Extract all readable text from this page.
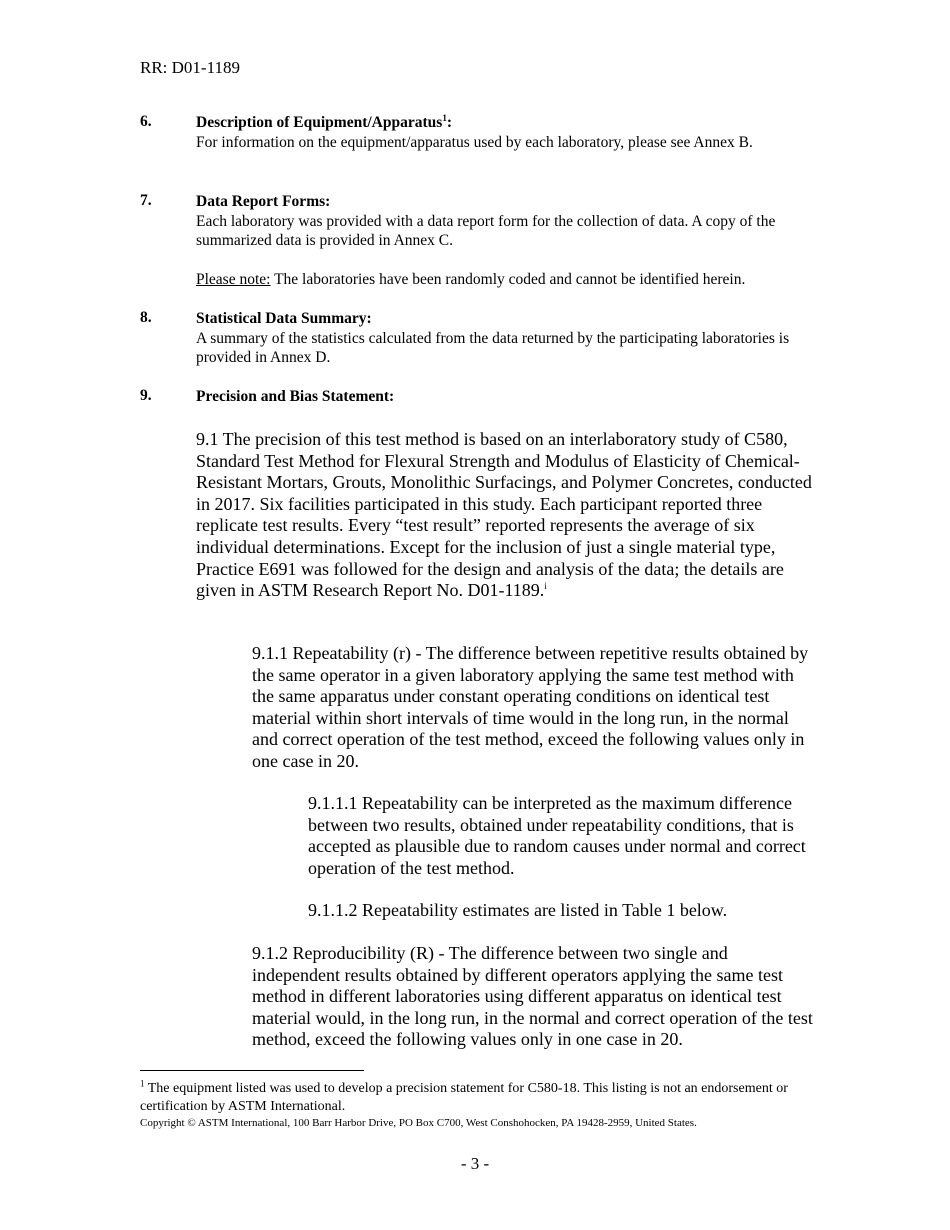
RR: D01-1189
6.	Description of Equipment/Apparatus$^1$:
For information on the equipment/apparatus used by each laboratory, please see Annex B.
7.	Data Report Forms:
Each laboratory was provided with a data report form for the collection of data. A copy of the summarized data is provided in Annex C.
Please note: The laboratories have been randomly coded and cannot be identified herein.
8.	Statistical Data Summary:
A summary of the statistics calculated from the data returned by the participating laboratories is provided in Annex D.
9.	Precision and Bias Statement:
9.1 The precision of this test method is based on an interlaboratory study of C580, Standard Test Method for Flexural Strength and Modulus of Elasticity of Chemical-Resistant Mortars, Grouts, Monolithic Surfacings, and Polymer Concretes, conducted in 2017. Six facilities participated in this study. Each participant reported three replicate test results. Every “test result” reported represents the average of six individual determinations. Except for the inclusion of just a single material type, Practice E691 was followed for the design and analysis of the data; the details are given in ASTM Research Report No. D01-1189.$^i$
9.1.1 Repeatability (r) - The difference between repetitive results obtained by the same operator in a given laboratory applying the same test method with the same apparatus under constant operating conditions on identical test material within short intervals of time would in the long run, in the normal and correct operation of the test method, exceed the following values only in one case in 20.
9.1.1.1 Repeatability can be interpreted as the maximum difference between two results, obtained under repeatability conditions, that is accepted as plausible due to random causes under normal and correct operation of the test method.
9.1.1.2 Repeatability estimates are listed in Table 1 below.
9.1.2 Reproducibility (R) - The difference between two single and independent results obtained by different operators applying the same test method in different laboratories using different apparatus on identical test material would, in the long run, in the normal and correct operation of the test method, exceed the following values only in one case in 20.
$^1$ The equipment listed was used to develop a precision statement for C580-18. This listing is not an endorsement or certification by ASTM International.
Copyright © ASTM International, 100 Barr Harbor Drive, PO Box C700, West Conshohocken, PA 19428-2959, United States.
- 3 -
